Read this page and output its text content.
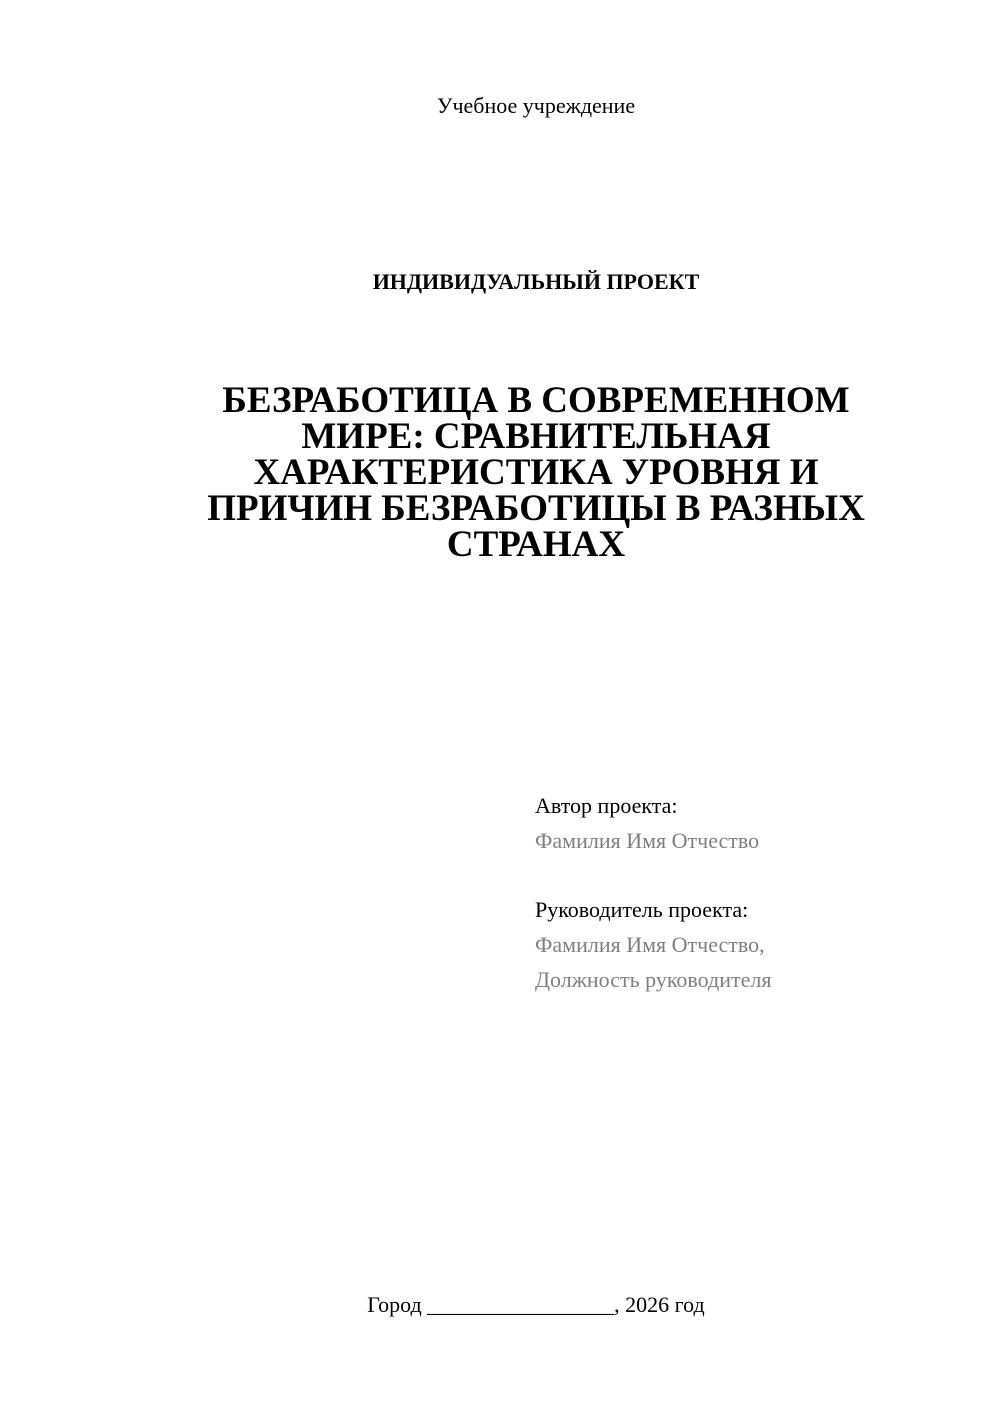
Учебное учреждение
ИНДИВИДУАЛЬНЫЙ ПРОЕКТ
БЕЗРАБОТИЦА В СОВРЕМЕННОМ
МИРЕ: СРАВНИТЕЛЬНАЯ
ХАРАКТЕРИСТИКА УРОВНЯ И
ПРИЧИН БЕЗРАБОТИЦЫ В РАЗНЫХ
СТРАНАХ
Автор проекта:
Фамилия Имя Отчество
Руководитель проекта:
Фамилия Имя Отчество,
Должность руководителя
Город _________________, 2026 год
